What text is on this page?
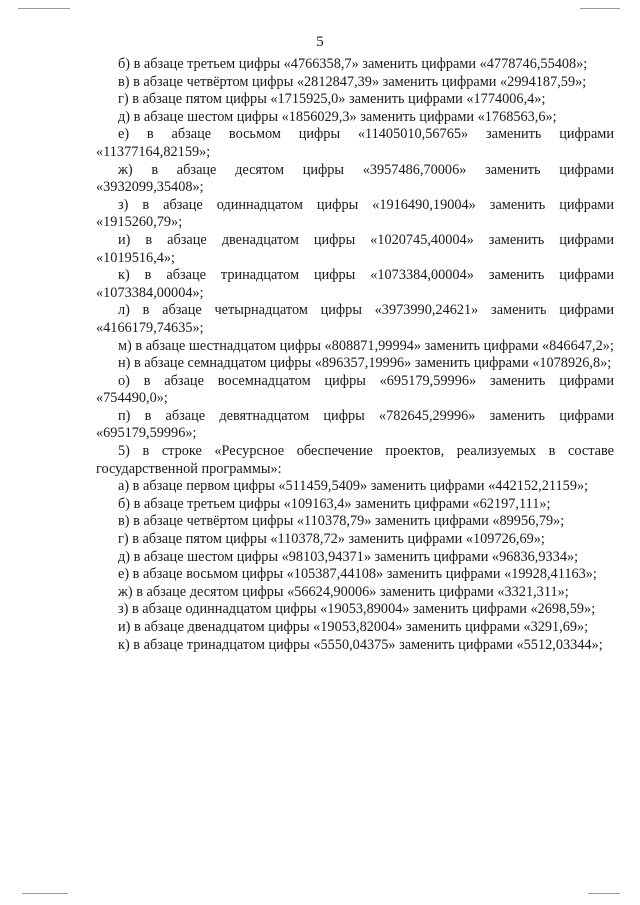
5

б) в абзаце третьем цифры «4766358,7» заменить цифрами «4778746,55408»;

в) в абзаце четвёртом цифры «2812847,39» заменить цифрами «2994187,59»;

г) в абзаце пятом цифры «1715925,0» заменить цифрами «1774006,4»;

д) в абзаце шестом цифры «1856029,3» заменить цифрами «1768563,6»;

е) в абзаце восьмом цифры «11405010,56765» заменить цифрами «11377164,82159»;

ж) в абзаце десятом цифры «3957486,70006» заменить цифрами «3932099,35408»;

з) в абзаце одиннадцатом цифры «1916490,19004» заменить цифрами «1915260,79»;

и) в абзаце двенадцатом цифры «1020745,40004» заменить цифрами «1019516,4»;

к) в абзаце тринадцатом цифры «1073384,00004» заменить цифрами «1073384,00004»;

л) в абзаце четырнадцатом цифры «3973990,24621» заменить цифрами «4166179,74635»;

м) в абзаце шестнадцатом цифры «808871,99994» заменить цифрами «846647,2»;

н) в абзаце семнадцатом цифры «896357,19996» заменить цифрами «1078926,8»;

о) в абзаце восемнадцатом цифры «695179,59996» заменить цифрами «754490,0»;

п) в абзаце девятнадцатом цифры «782645,29996» заменить цифрами «695179,59996»;

5) в строке «Ресурсное обеспечение проектов, реализуемых в составе государственной программы»:

а) в абзаце первом цифры «511459,5409» заменить цифрами «442152,21159»;

б) в абзаце третьем цифры «109163,4» заменить цифрами «62197,111»;

в) в абзаце четвёртом цифры «110378,79» заменить цифрами «89956,79»;

г) в абзаце пятом цифры «110378,72» заменить цифрами «109726,69»;

д) в абзаце шестом цифры «98103,94371» заменить цифрами «96836,9334»;

е) в абзаце восьмом цифры «105387,44108» заменить цифрами «19928,41163»;

ж) в абзаце десятом цифры «56624,90006» заменить цифрами «3321,311»;

з) в абзаце одиннадцатом цифры «19053,89004» заменить цифрами «2698,59»;

и) в абзаце двенадцатом цифры «19053,82004» заменить цифрами «3291,69»;

к) в абзаце тринадцатом цифры «5550,04375» заменить цифрами «5512,03344»;
